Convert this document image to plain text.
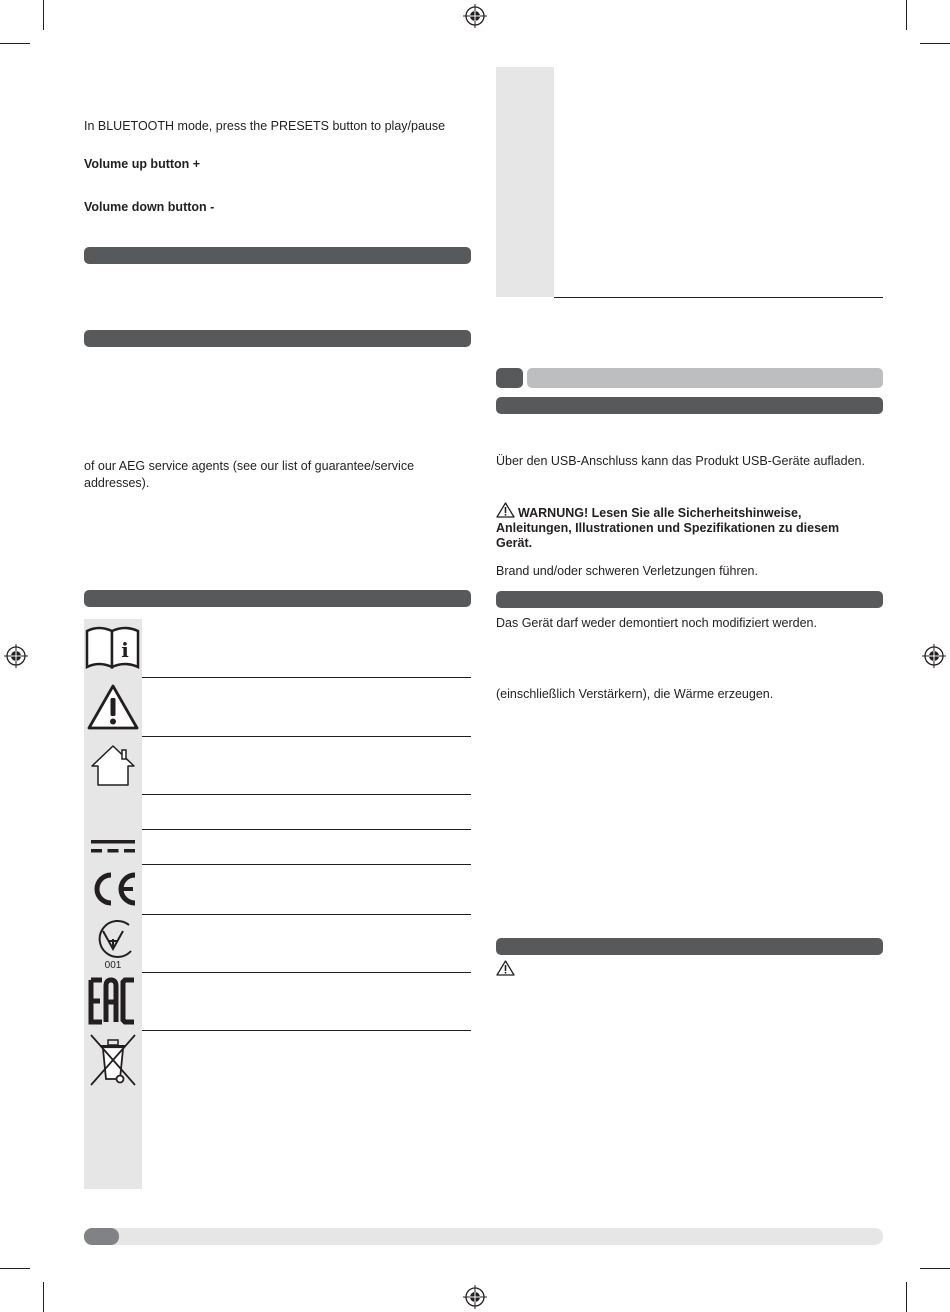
In BLUETOOTH mode, press the PRESETS button to play/pause
Volume up button +
Volume down button -
of our AEG service agents (see our list of guarantee/service
addresses).
i
001
Über den USB-Anschluss kann das Produkt USB-Geräte aufladen.
WARNUNG! Lesen Sie alle Sicherheitshinweise,
Anleitungen, Illustrationen und Spezifikationen zu diesem
Gerät.
Brand und/oder schweren Verletzungen führen.
Das Gerät darf weder demontiert noch modifiziert werden.
(einschließlich Verstärkern), die Wärme erzeugen.
